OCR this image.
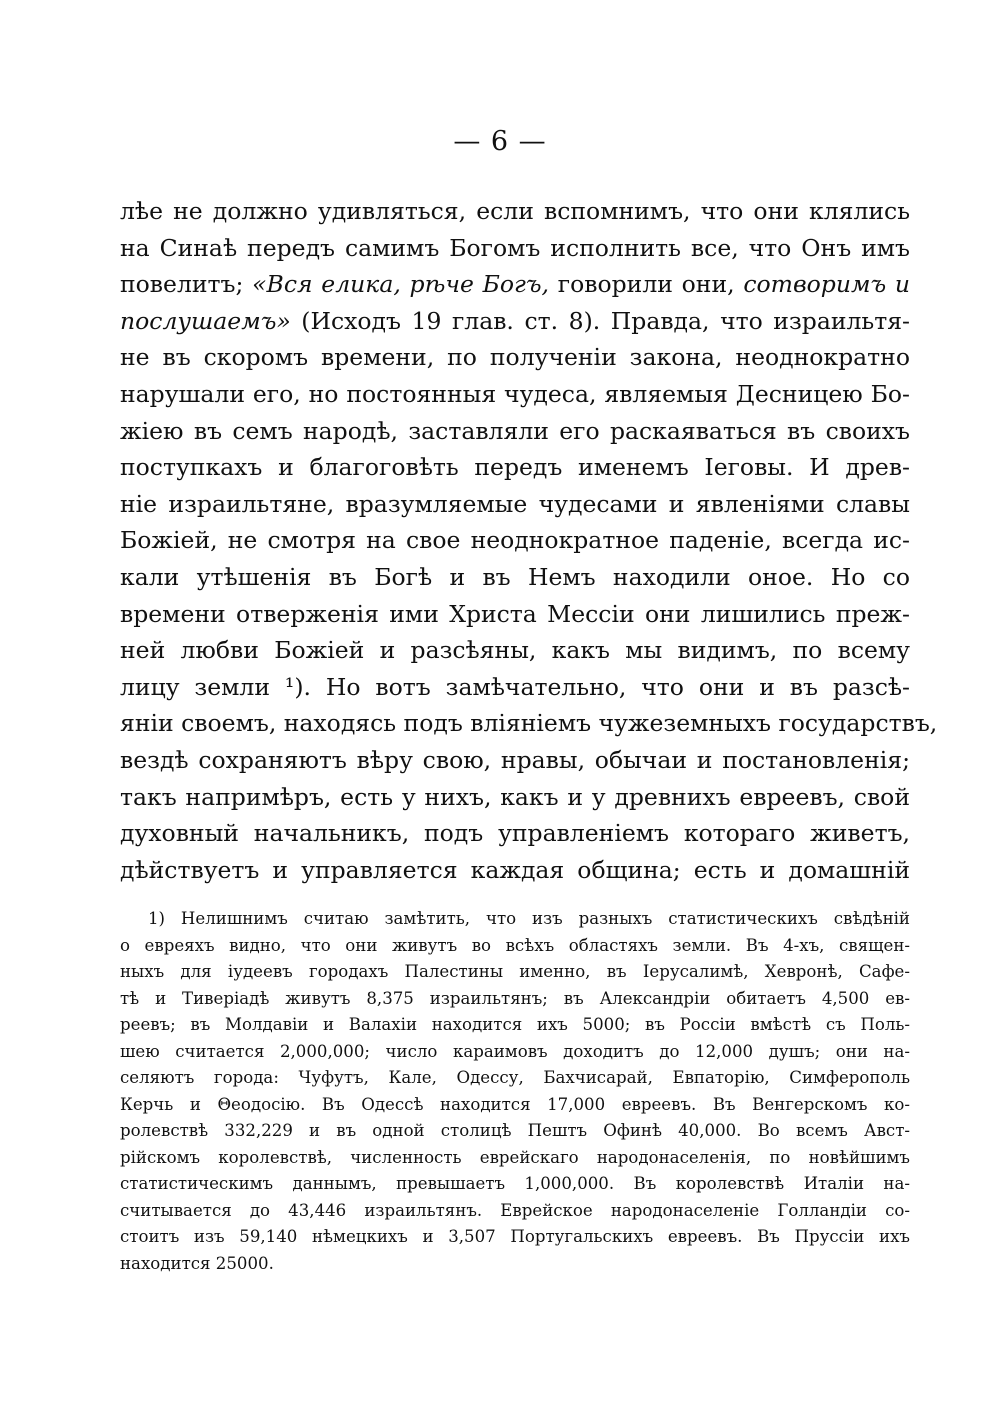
— 6 —
лѣе не должно удивляться, если вспомнимъ, что они клялись
на Синаѣ передъ самимъ Богомъ исполнить все, что Онъ имъ
повелитъ; «Вся елика, рѣче Богъ, говорили они, сотворимъ и
послушаемъ» (Исходъ 19 глав. ст. 8). Правда, что израильтя-
не въ скоромъ времени, по полученіи закона, неоднократно
нарушали его, но постоянныя чудеса, являемыя Десницею Бо-
жіею въ семъ народѣ, заставляли его раскаяваться въ своихъ
поступкахъ и благоговѣть передъ именемъ Іеговы. И древ-
ніе израильтяне, вразумляемые чудесами и явленіями славы
Божіей, не смотря на свое неоднократное паденіе, всегда ис-
кали утѣшенія въ Богѣ и въ Немъ находили оное. Но со
времени отверженія ими Христа Мессіи они лишились преж-
ней любви Божіей и разсѣяны, какъ мы видимъ, по всему
лицу земли ¹). Но вотъ замѣчательно, что они и въ разсѣ-
яніи своемъ, находясь подъ вліяніемъ чужеземныхъ государствъ,
вездѣ сохраняютъ вѣру свою, нравы, обычаи и постановленія;
такъ напримѣръ, есть у нихъ, какъ и у древнихъ евреевъ, свой
духовный начальникъ, подъ управленіемъ котораго живетъ,
дѣйствуетъ и управляется каждая община; есть и домашній
1) Нелишнимъ считаю замѣтить, что изъ разныхъ статистическихъ свѣдѣній
о евреяхъ видно, что они живутъ во всѣхъ областяхъ земли. Въ 4-хъ, священ-
ныхъ для іудеевъ городахъ Палестины именно, въ Іерусалимѣ, Хевронѣ, Сафе-
тѣ и Тиверіадѣ живутъ 8,375 израильтянъ; въ Александріи обитаетъ 4,500 ев-
реевъ; въ Молдавіи и Валахіи находится ихъ 5000; въ Россіи вмѣстѣ съ Поль-
шею считается 2,000,000; число караимовъ доходитъ до 12,000 душъ; они на-
селяютъ города: Чуфутъ, Кале, Одессу, Бахчисарай, Евпаторію, Симферополь
Керчь и Θеодосію. Въ Одессѣ находится 17,000 евреевъ. Въ Венгерскомъ ко-
ролевствѣ 332,229 и въ одной столицѣ Пештъ Офинѣ 40,000. Во всемъ Авст-
рійскомъ королевствѣ, численность еврейскаго народонаселенія, по новѣйшимъ
статистическимъ даннымъ, превышаетъ 1,000,000. Въ королевствѣ Италіи на-
считывается до 43,446 израильтянъ. Еврейское народонаселеніе Голландіи со-
стоитъ изъ 59,140 нѣмецкихъ и 3,507 Португальскихъ евреевъ. Въ Пруссіи ихъ
находится 25000.
